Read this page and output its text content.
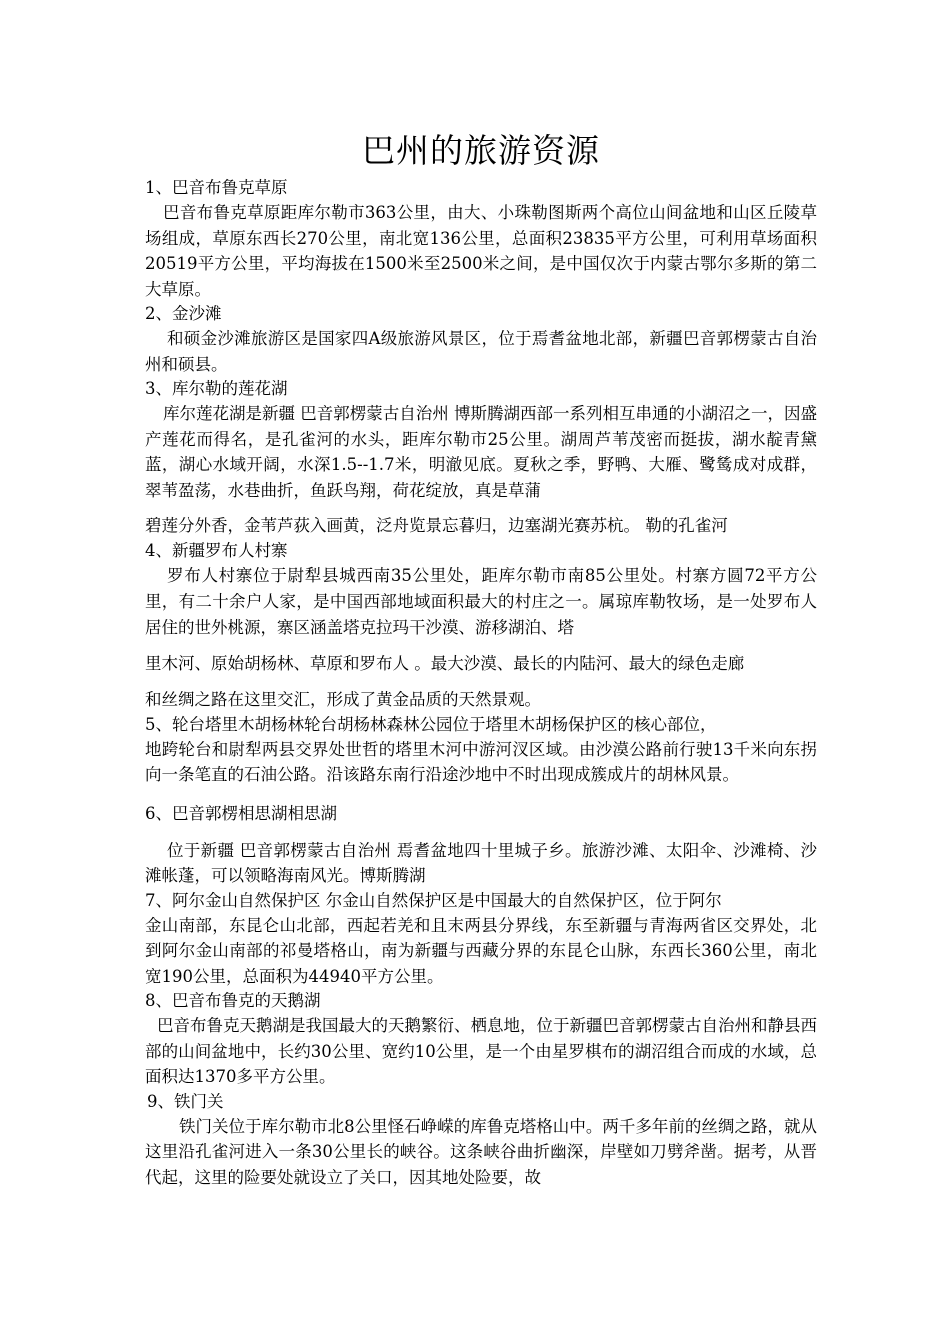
巴州的旅游资源

1、巴音布鲁克草原

巴音布鲁克草原距库尔勒市363公里，由大、小珠勒图斯两个高位山间盆地和山区丘陵草场组成，草原东西长270公里，南北宽136公里，总面积23835平方公里，可利用草场面积20519平方公里，平均海拔在1500米至2500米之间，是中国仅次于内蒙古鄂尔多斯的第二大草原。

2、金沙滩

和硕金沙滩旅游区是国家四A级旅游风景区，位于焉耆盆地北部，新疆巴音郭楞蒙古自治州和硕县。

3、库尔勒的莲花湖

库尔莲花湖是新疆 巴音郭楞蒙古自治州 博斯腾湖西部一系列相互串通的小湖沼之一，因盛产莲花而得名，是孔雀河的水头，距库尔勒市25公里。湖周芦苇茂密而挺拔，湖水靛青黛蓝，湖心水域开阔，水深1.5--1.7米，明澈见底。夏秋之季，野鸭、大雁、鹭鸶成对成群，翠苇盈荡，水巷曲折，鱼跃鸟翔，荷花绽放，真是草蒲

碧莲分外香，金苇芦荻入画黄，泛舟览景忘暮归，边塞湖光赛苏杭。 勒的孔雀河

4、新疆罗布人村寨

罗布人村寨位于尉犁县城西南35公里处，距库尔勒市南85公里处。村寨方圆72平方公里，有二十余户人家，是中国西部地域面积最大的村庄之一。属琼库勒牧场，是一处罗布人居住的世外桃源，寨区涵盖塔克拉玛干沙漠、游移湖泊、塔

里木河、原始胡杨林、草原和罗布人 。最大沙漠、最长的内陆河、最大的绿色走廊

和丝绸之路在这里交汇，形成了黄金品质的天然景观。

5、轮台塔里木胡杨林轮台胡杨林森林公园位于塔里木胡杨保护区的核心部位，

地跨轮台和尉犁两县交界处世哲的塔里木河中游河汊区域。由沙漠公路前行驶13千米向东拐向一条笔直的石油公路。沿该路东南行沿途沙地中不时出现成簇成片的胡林风景。

6、巴音郭楞相思湖相思湖

位于新疆 巴音郭楞蒙古自治州 焉耆盆地四十里城子乡。旅游沙滩、太阳伞、沙滩椅、沙滩帐蓬，可以领略海南风光。博斯腾湖

7、阿尔金山自然保护区 尔金山自然保护区是中国最大的自然保护区，位于阿尔

金山南部，东昆仑山北部，西起若羌和且末两县分界线，东至新疆与青海两省区交界处，北到阿尔金山南部的祁曼塔格山，南为新疆与西藏分界的东昆仑山脉，东西长360公里，南北宽190公里，总面积为44940平方公里。

8、巴音布鲁克的天鹅湖

巴音布鲁克天鹅湖是我国最大的天鹅繁衍、栖息地，位于新疆巴音郭楞蒙古自治州和静县西部的山间盆地中，长约30公里、宽约10公里，是一个由星罗棋布的湖沼组合而成的水域，总面积达1370多平方公里。

9、铁门关

铁门关位于库尔勒市北8公里怪石峥嵘的库鲁克塔格山中。两千多年前的丝绸之路，就从这里沿孔雀河进入一条30公里长的峡谷。这条峡谷曲折幽深，岸壁如刀劈斧凿。据考，从晋代起，这里的险要处就设立了关口，因其地处险要，故
